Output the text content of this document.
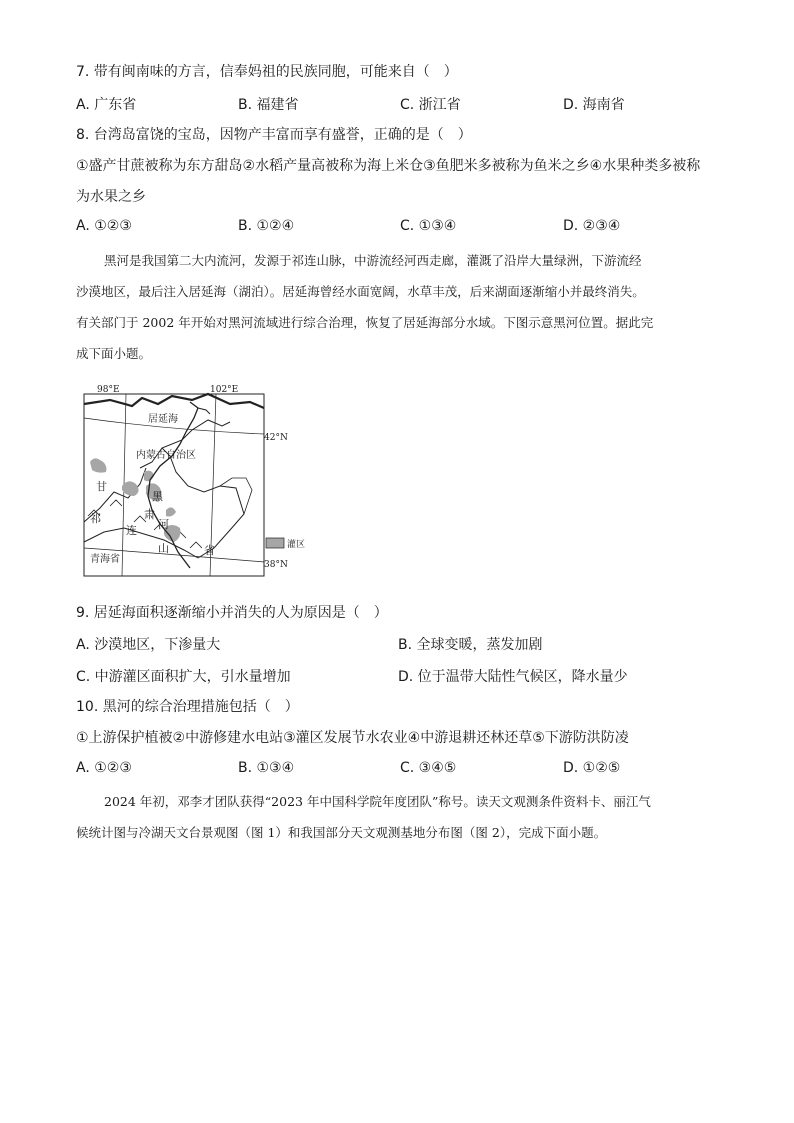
7. 带有闽南味的方言，信奉妈祖的民族同胞，可能来自（　）
A. 广东省	B. 福建省	C. 浙江省	D. 海南省
8. 台湾岛富饶的宝岛，因物产丰富而享有盛誉，正确的是（　）
①盛产甘蔗被称为东方甜岛②水稻产量高被称为海上米仓③鱼肥米多被称为鱼米之乡④水果种类多被称
为水果之乡
A. ①②③	B. ①②④	C. ①③④	D. ②③④
黑河是我国第二大内流河，发源于祁连山脉，中游流经河西走廊，灌溉了沿岸大量绿洲，下游流经
沙漠地区，最后注入居延海（湖泊）。居延海曾经水面宽阔，水草丰茂，后来湖面逐渐缩小并最终消失。
有关部门于 2002 年开始对黑河流域进行综合治理，恢复了居延海部分水域。下图示意黑河位置。据此完
成下面小题。
98°E	102°E
42°N
38°N
居延海
内蒙古自治区
甘
肃
省
祁
连
山
黑
河
青海省
灌区
9. 居延海面积逐渐缩小并消失的人为原因是（　）
A. 沙漠地区，下渗量大	B. 全球变暖，蒸发加剧
C. 中游灌区面积扩大，引水量增加	D. 位于温带大陆性气候区，降水量少
10. 黑河的综合治理措施包括（　）
①上游保护植被②中游修建水电站③灌区发展节水农业④中游退耕还林还草⑤下游防洪防凌
A. ①②③	B. ①③④	C. ③④⑤	D. ①②⑤
2024 年初，邓李才团队获得“2023 年中国科学院年度团队”称号。读天文观测条件资料卡、丽江气
候统计图与冷湖天文台景观图（图 1）和我国部分天文观测基地分布图（图 2），完成下面小题。
